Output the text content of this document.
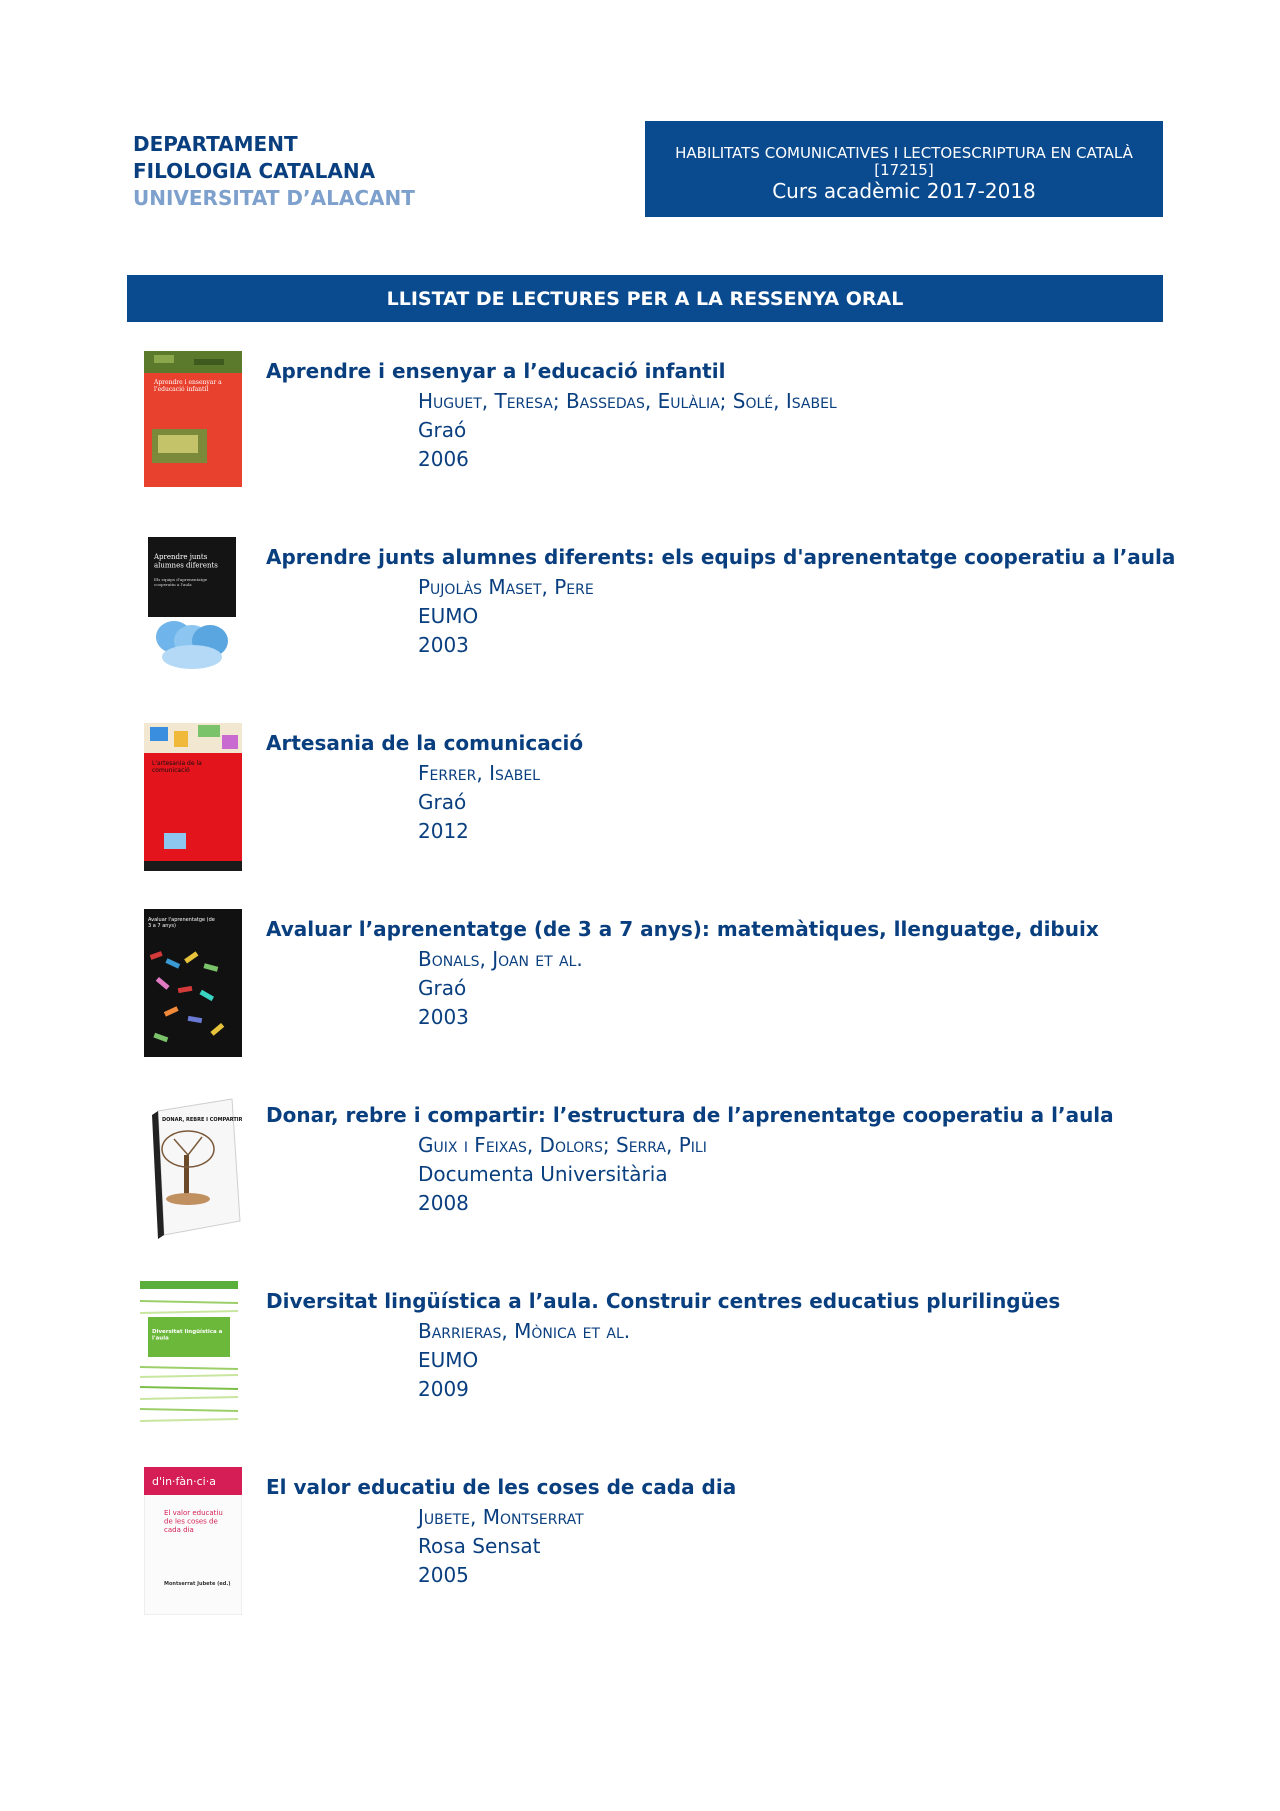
DEPARTAMENT
FILOLOGIA CATALANA
UNIVERSITAT D’ALACANT
HABILITATS COMUNICATIVES I LECTOESCRIPTURA EN CATALÀ
[17215]
Curs acadèmic 2017-2018
LLISTAT DE LECTURES PER A LA RESSENYA ORAL
Aprendre i ensenyar a l'educació infantil
Aprendre i ensenyar a l’educació infantil
Huguet, Teresa; Bassedas, Eulàlia; Solé, Isabel
Graó
2006
Aprendre junts alumnes diferents
Els equips d'aprenentatge cooperatiu a l'aula
Aprendre junts alumnes diferents: els equips d'aprenentatge cooperatiu a l’aula
Pujolàs Maset, Pere
EUMO
2003
L'artesania de la comunicació
Artesania de la comunicació
Ferrer, Isabel
Graó
2012
Avaluar l'aprenentatge (de 3 a 7 anys)	Avaluar l’aprenentatge (de 3 a 7 anys): matemàtiques, llenguatge, dibuix
Bonals, Joan et al.
Graó
2003
DONAR, REBRE I COMPARTIR Donar, rebre i compartir: l’estructura de l’aprenentatge cooperatiu a l’aula
Guix i Feixas, Dolors; Serra, Pili
Documenta Universitària
2008
Diversitat lingüística a l'aula
Diversitat lingüística a l’aula. Construir centres educatius plurilingües
Barrieras, Mònica et al.
EUMO
2009
d'in·fàn·ci·a
El valor educatiu de les coses de cada dia
Montserrat Jubete (ed.)
El valor educatiu de les coses de cada dia
Jubete, Montserrat
Rosa Sensat
2005
